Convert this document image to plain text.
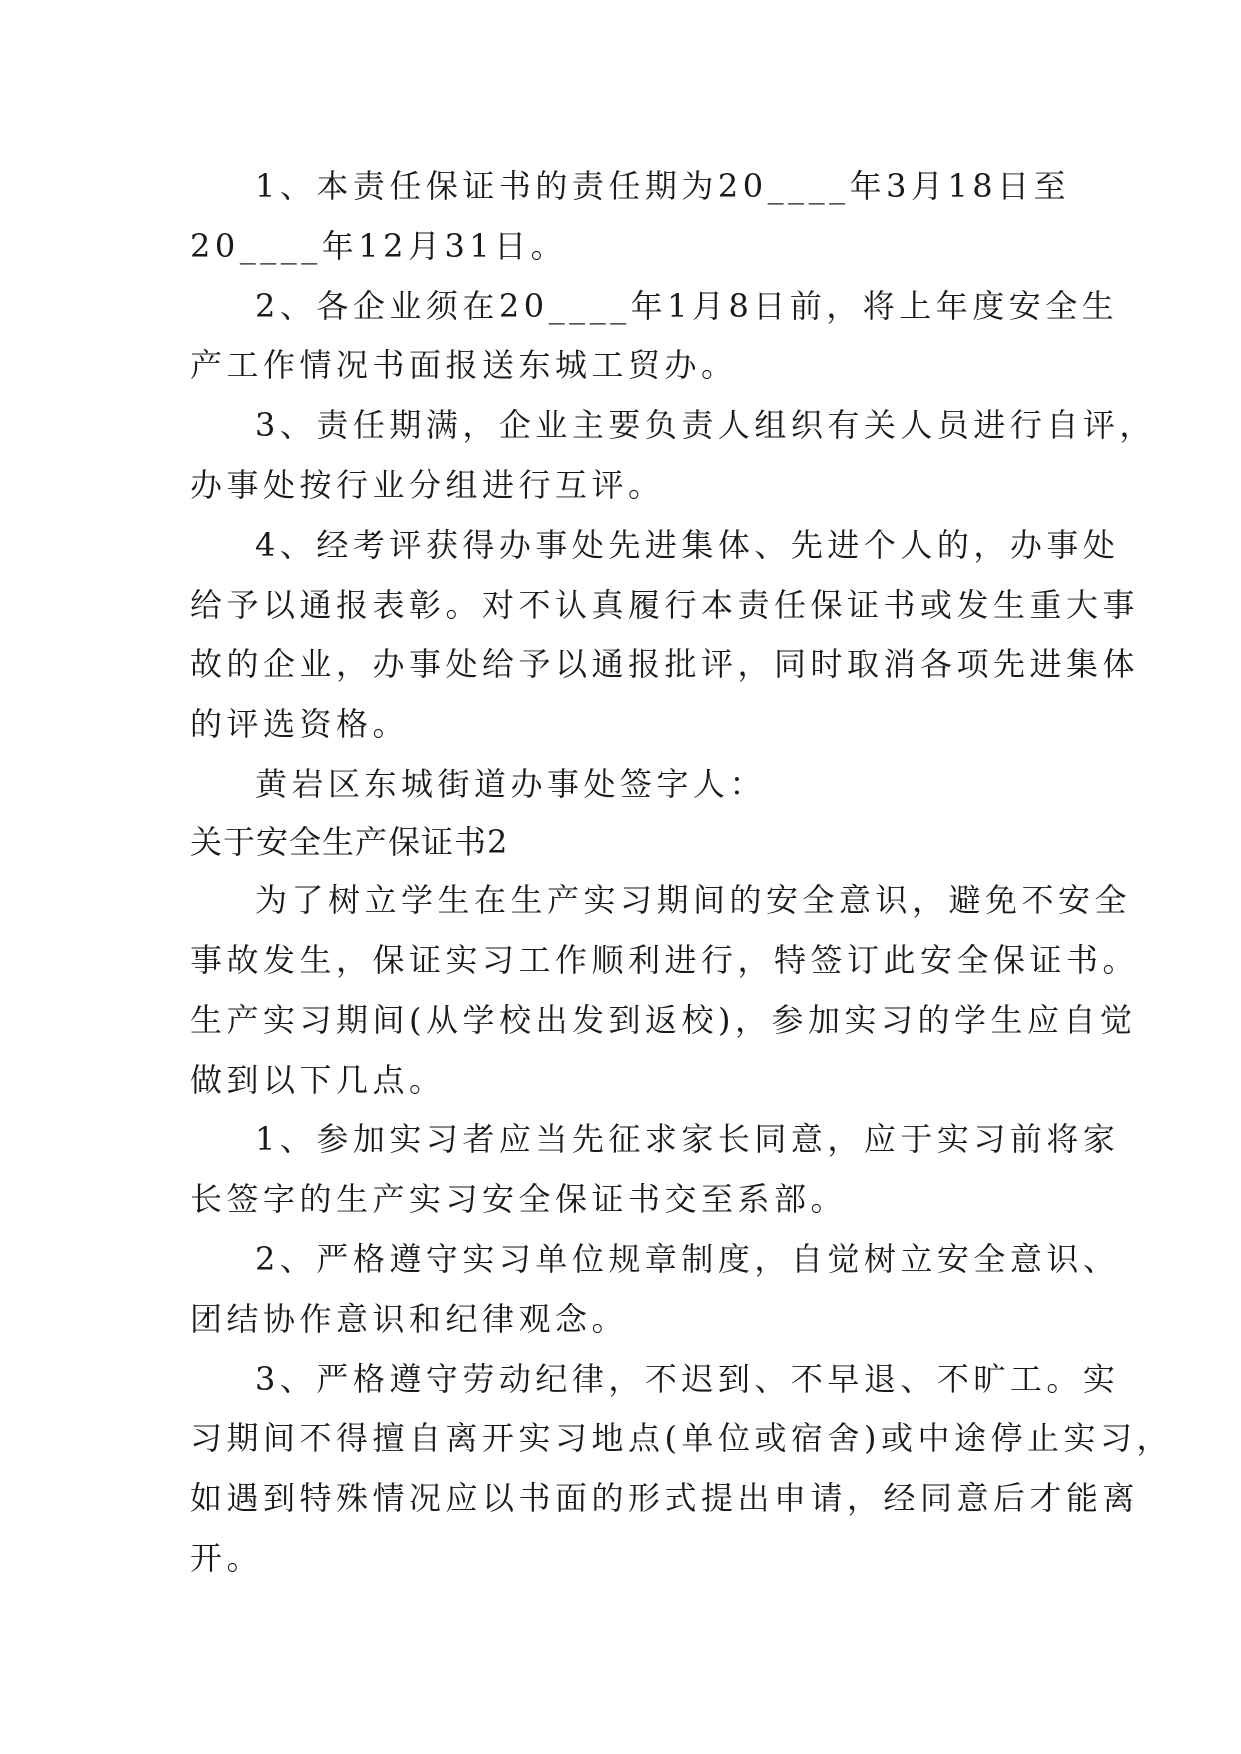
1、本责任保证书的责任期为20____年3月18日至
20____年12月31日。
2、各企业须在20____年1月8日前，将上年度安全生
产工作情况书面报送东城工贸办。
3、责任期满，企业主要负责人组织有关人员进行自评，
办事处按行业分组进行互评。
4、经考评获得办事处先进集体、先进个人的，办事处
给予以通报表彰。对不认真履行本责任保证书或发生重大事
故的企业，办事处给予以通报批评，同时取消各项先进集体
的评选资格。
黄岩区东城街道办事处签字人：
关于安全生产保证书2
为了树立学生在生产实习期间的安全意识，避免不安全
事故发生，保证实习工作顺利进行，特签订此安全保证书。
生产实习期间(从学校出发到返校)，参加实习的学生应自觉
做到以下几点。
1、参加实习者应当先征求家长同意，应于实习前将家
长签字的生产实习安全保证书交至系部。
2、严格遵守实习单位规章制度，自觉树立安全意识、
团结协作意识和纪律观念。
3、严格遵守劳动纪律，不迟到、不早退、不旷工。实
习期间不得擅自离开实习地点(单位或宿舍)或中途停止实习，
如遇到特殊情况应以书面的形式提出申请，经同意后才能离
开。
